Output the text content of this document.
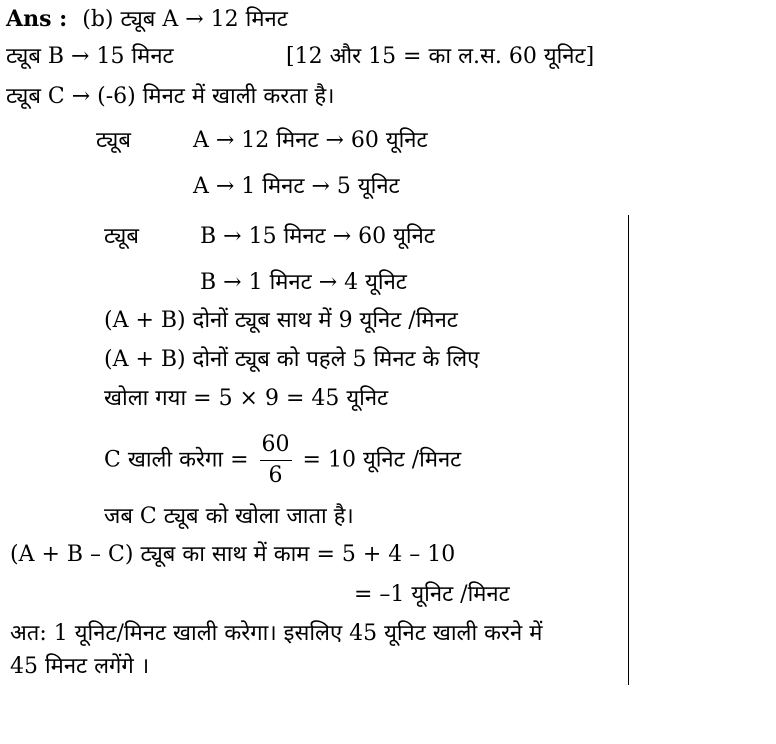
Ans : (b) ट्यूब A → 12 मिनट
ट्यूब B → 15 मिनट	[12 और 15 = का ल.स. 60 यूनिट]
ट्यूब C → (-6) मिनट में खाली करता है।
ट्यूब	A → 12 मिनट → 60 यूनिट
A → 1 मिनट → 5 यूनिट
ट्यूब	B → 15 मिनट → 60 यूनिट
B → 1 मिनट → 4 यूनिट
(A + B) दोनों ट्यूब साथ में 9 यूनिट /मिनट
(A + B) दोनों ट्यूब को पहले 5 मिनट के लिए
खोला गया = 5 × 9 = 45 यूनिट
C खाली करेगा = $\frac{60}{6} = 10$ यूनिट /मिनट
जब C ट्यूब को खोला जाता है।
(A + B – C) ट्यूब का साथ में काम = 5 + 4 – 10
= –1 यूनिट /मिनट
अत: 1 यूनिट/मिनट खाली करेगा। इसलिए 45 यूनिट खाली करने में
45 मिनट लगेंगे ।
